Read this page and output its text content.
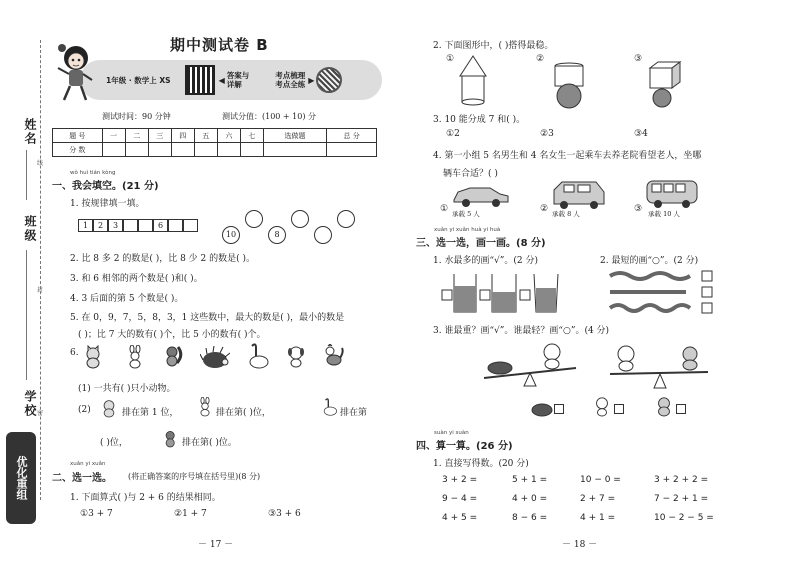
姓名
班级
学校
线
封
密
优化重组
期中测试卷 B
1年级 · 数学上 XS	◀ 答案与
详解
考点梳理
考点全练 ▶
测试时间：90 分钟	测试分值：(100 + 10) 分
题 号	一	二	三	四	五	六	七	选做题	总 分
分 数									
wǒ huì tián kòng
一、我会填空。(21 分)
1. 按规律填一填。
1	2	3	6
10	8
2. 比 8 多 2 的数是( )，比 8 少 2 的数是( )。
3. 和 6 相邻的两个数是( )和( )。
4. 3 后面的第 5 个数是( )。
5. 在 0，9，7，5，8，3，1 这些数中，最大的数是( )，最小的数是
( )；比 7 大的数有( )个，比 5 小的数有( )个。
6.
(1) 一共有( )只小动物。
(2)	排在第 1 位，	排在第( )位，	排在第
( )位，	排在第( )位。
xuǎn yi xuǎn
二、选一选。 (将正确答案的序号填在括号里)(8 分)
1. 下面算式( )与 2 + 6 的结果相同。
①3 + 7	②1 + 7	③3 + 6
－ 17 －
2. 下面图形中，( )搭得最稳。
①	②	③
3. 10 能分成 7 和( )。
①2	②3	③4
4. 第一小组 5 名男生和 4 名女生一起乘车去养老院看望老人，坐哪
辆车合适？( )
① 承载 5 人	② 承载 8 人	③ 承载 10 人
xuǎn yi xuǎn huà yi huà
三、选一选，画一画。(8 分)
1. 水最多的画“√”。(2 分)	2. 最短的画“○”。(2 分)
3. 谁最重？画“√”。谁最轻？画“○”。(4 分)
suàn yi suàn
四、算一算。(26 分)
1. 直接写得数。(20 分)
3 + 2 =	5 + 1 =	10 − 0 =	3 + 2 + 2 =
9 − 4 =	4 + 0 =	2 + 7 =	7 − 2 + 1 =
4 + 5 =	8 − 6 =	4 + 1 =	10 − 2 − 5 =
－ 18 －
